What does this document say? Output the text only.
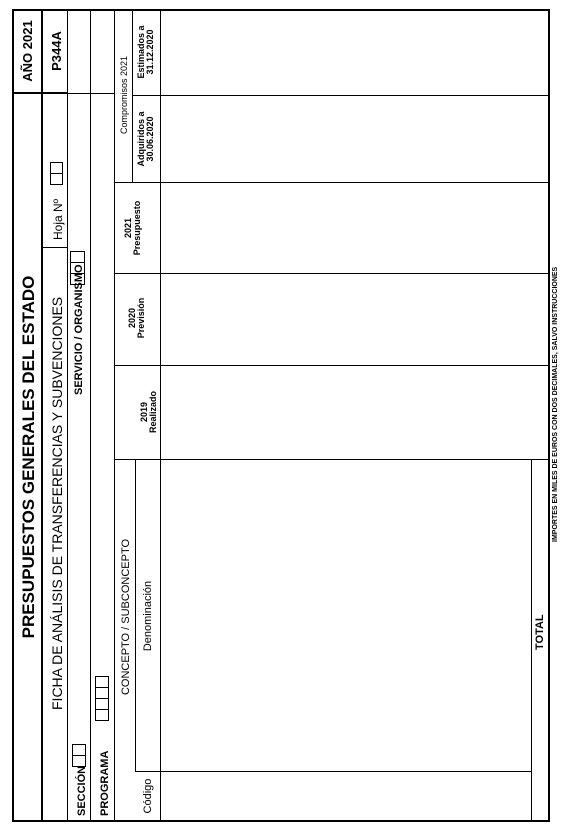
PRESUPUESTOS GENERALES DEL ESTADO
AÑO 2021
FICHA DE ANÁLISIS DE TRANSFERENCIAS Y SUBVENCIONES
Hoja Nº
P344A
SECCIÓN
SERVICIO / ORGANISMO
PROGRAMA
CONCEPTO / SUBCONCEPTO
Código
Denominación
2019 Realizado
2020 Previsión
2021 Presupuesto
Compromisos 2021
Adquiridos a 30.06.2020
Estimados a 31.12.2020
TOTAL
IMPORTES EN MILES DE EUROS CON DOS DECIMALES, SALVO INSTRUCCIONES
